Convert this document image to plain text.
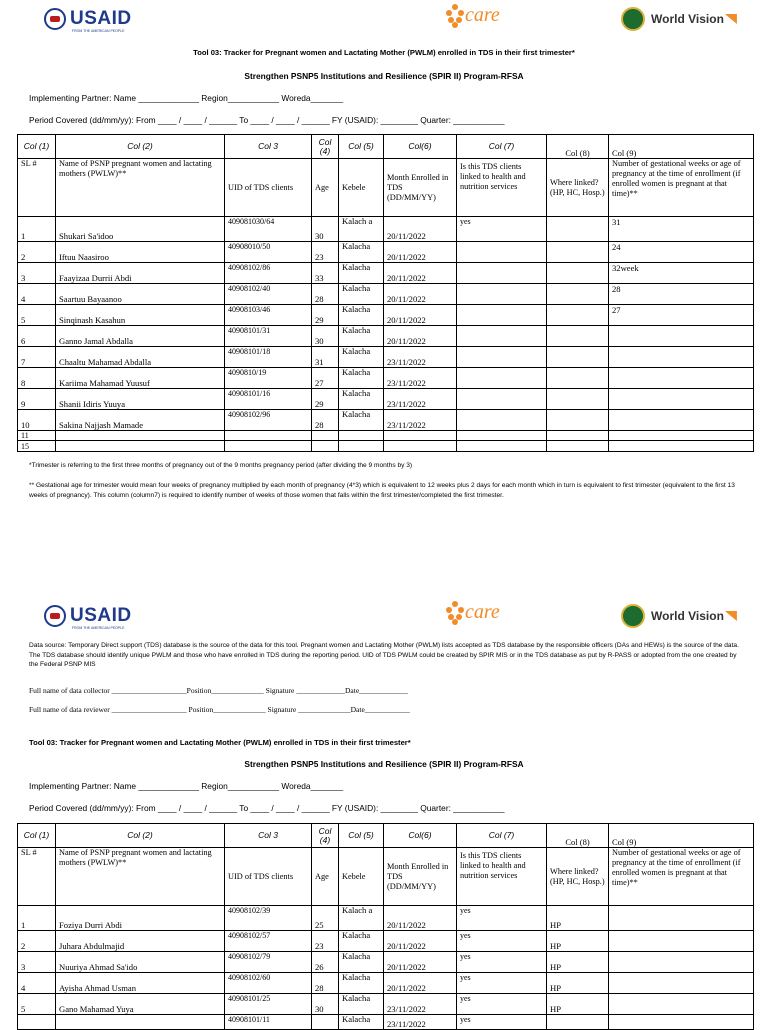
USAID
FROM THE AMERICAN PEOPLE
care	World Vision
Tool 03: Tracker for Pregnant women and Lactating Mother (PWLM) enrolled in TDS in their first trimester*
Strengthen PSNP5 Institutions and Resilience (SPIR II) Program-RFSA
Implementing Partner: Name _____________ Region___________ Woreda_______
Period Covered (dd/mm/yy): From ____ / ____ / ______ To ____ / ____ / ______ FY (USAID): ________ Quarter: ___________
Col (1)	Col (2)	Col 3	Col (4)	Col (5)	Col(6)	Col (7)	Col (8)	Col (9)
SL #	Name of PSNP pregnant women and lactating mothers (PWLW)**	UID of TDS clients	Age	Kebele	Month Enrolled in TDS (DD/MM/YY)	Is this TDS clients linked to health and nutrition services	Where linked? (HP, HC, Hosp.)	Number of gestational weeks or age of pregnancy at the time of enrollment (if enrolled women is pregnant at that time)**
1	Shukari Sa'idoo	409081030/64	30	Kalach a	20/11/2022	yes		31
2	Iftuu Naasiroo	40908010/50	23	Kalacha	20/11/2022			24
3	Faayizaa Durrii Abdi	40908102/86	33	Kalacha	20/11/2022			32week
4	Saartuu Bayaanoo	40908102/40	28	Kalacha	20/11/2022			28
5	Sinqinash Kasahun	40908103/46	29	Kalacha	20/11/2022			27
6	Ganno Jamal Abdalla	40908101/31	30	Kalacha	20/11/2022			
7	Chaaltu Mahamad Abdalla	40908101/18	31	Kalacha	23/11/2022			
8	Kariima Mahamad Yuusuf	4090810/19	27	Kalacha	23/11/2022			
9	Shanii Idiris Yuuya	40908101/16	29	Kalacha	23/11/2022			
10	Sakina Najjash Mamade	40908102/96	28	Kalacha	23/11/2022			
11								
15								
*Trimester is referring to the first three months of pregnancy out of the 9 months pregnancy period (after dividing the 9 months by 3)
** Gestational age for trimester would mean four weeks of pregnancy multiplied by each month of pregnancy (4*3) which is equivalent to 12 weeks plus 2 days for each month which in turn is equivalent to first trimester (equivalent to the first 13 weeks of pregnancy). This column (column7) is required to identify number of weeks of those women that falls within the first trimester/completed the first trimester.
USAID
FROM THE AMERICAN PEOPLE
care	World Vision
Data source: Temporary Direct support (TDS) database is the source of the data for this tool. Pregnant women and Lactating Mother (PWLM) lists accepted as TDS database by the responsible officers (DAs and HEWs) is the source of the data. The TDS database should identify unique PWLM and those who have enrolled in TDS during the reporting period. UID of TDS PWLM could be created by SPIR MIS or in the TDS database as put by R-PASS or adopted from the one created by the Federal PSNP MIS
Full name of data collector ____________________Position______________ Signature _____________Date_____________
Full name of data reviewer ____________________ Position______________ Signature ______________Date____________
Tool 03: Tracker for Pregnant women and Lactating Mother (PWLM) enrolled in TDS in their first trimester*
Strengthen PSNP5 Institutions and Resilience (SPIR II) Program-RFSA
Implementing Partner: Name _____________ Region___________ Woreda_______
Period Covered (dd/mm/yy): From ____ / ____ / ______ To ____ / ____ / ______ FY (USAID): ________ Quarter: ___________
Col (1)	Col (2)	Col 3	Col (4)	Col (5)	Col(6)	Col (7)	Col (8)	Col (9)
SL #	Name of PSNP pregnant women and lactating mothers (PWLW)**	UID of TDS clients	Age	Kebele	Month Enrolled in TDS (DD/MM/YY)	Is this TDS clients linked to health and nutrition services	Where linked? (HP, HC, Hosp.)	Number of gestational weeks or age of pregnancy at the time of enrollment (if enrolled women is pregnant at that time)**
1	Foziya Durri Abdi	40908102/39	25	Kalach a	20/11/2022	yes	HP	
2	Juhara Abdulmajid	40908102/57	23	Kalacha	20/11/2022	yes	HP	
3	Nuuriya Ahmad Sa'ido	40908102/79	26	Kalacha	20/11/2022	yes	HP	
4	Ayisha Ahmad Usman	40908102/60	28	Kalacha	20/11/2022	yes	HP	
5	Gano Mahamad Yuya	40908101/25	30	Kalacha	23/11/2022	yes	HP	
		40908101/11		Kalacha	23/11/2022	yes		
